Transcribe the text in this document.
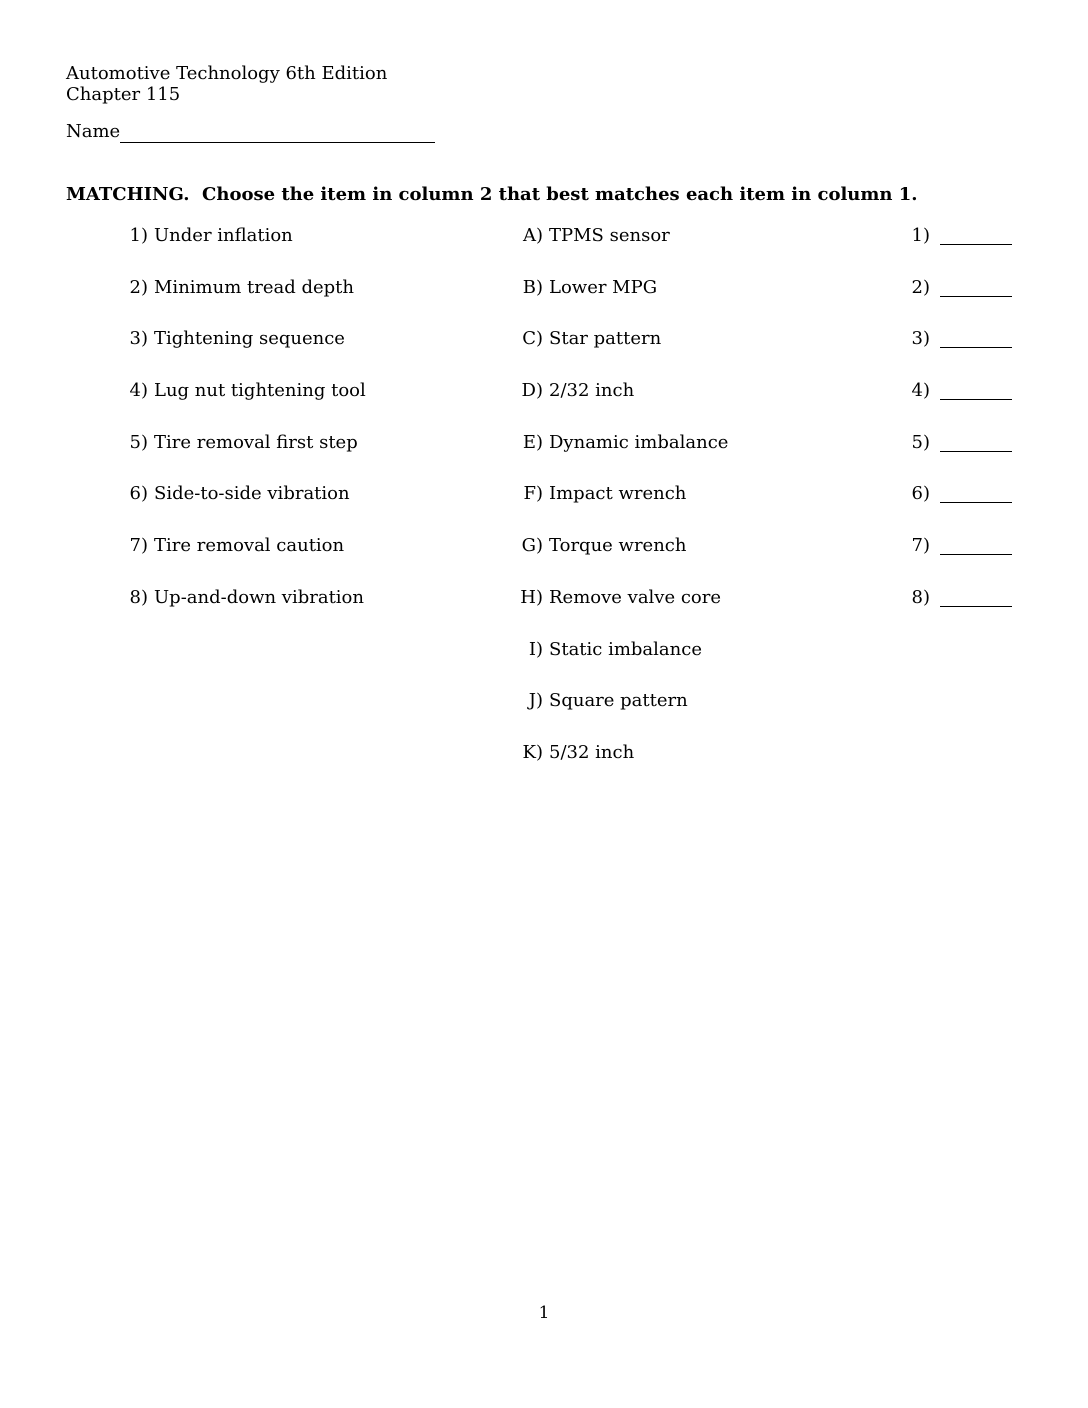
Automotive Technology 6th Edition
Chapter 115
Name
MATCHING.  Choose the item in column 2 that best matches each item in column 1.
1) Under inflation
2) Minimum tread depth
3) Tightening sequence
4) Lug nut tightening tool
5) Tire removal first step
6) Side-to-side vibration
7) Tire removal caution
8) Up-and-down vibration
A) TPMS sensor
B) Lower MPG
C) Star pattern
D) 2/32 inch
E) Dynamic imbalance
F) Impact wrench
G) Torque wrench
H) Remove valve core
I) Static imbalance
J) Square pattern
K) 5/32 inch
1)
2)
3)
4)
5)
6)
7)
8)
1
